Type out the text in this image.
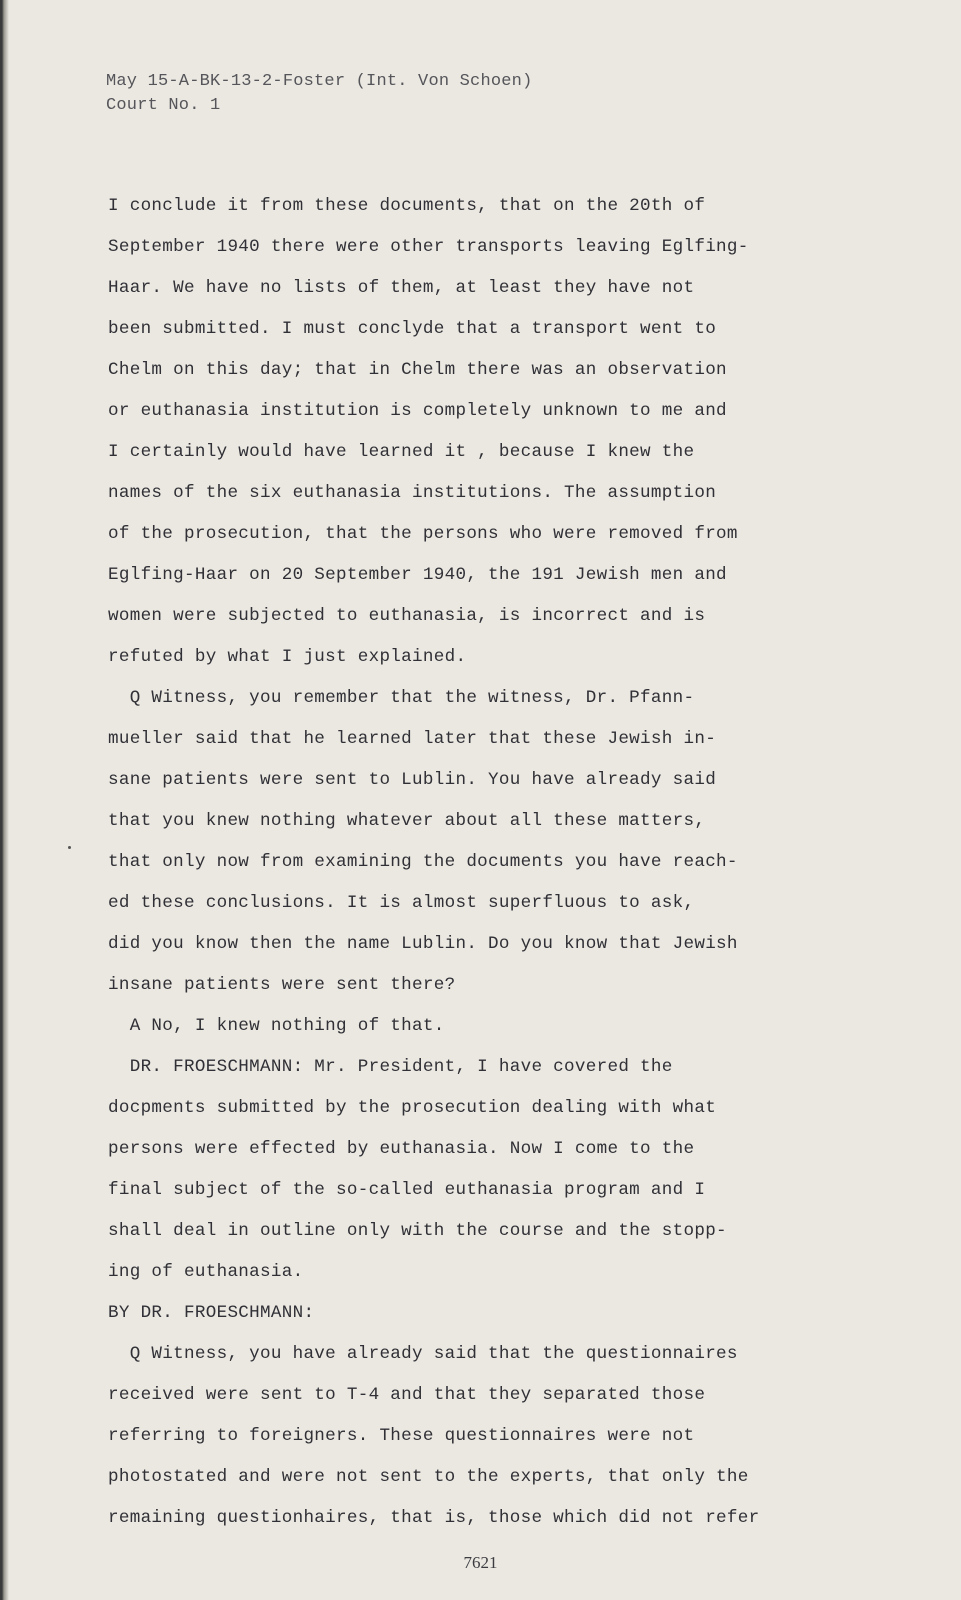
May 15-A-BK-13-2-Foster (Int. Von Schoen)
Court No. 1
I conclude it from these documents, that on the 20th of
September 1940 there were other transports leaving Eglfing-
Haar. We have no lists of them, at least they have not
been submitted. I must conclyde that a transport went to
Chelm on this day; that in Chelm there was an observation
or euthanasia institution is completely unknown to me and
I certainly would have learned it , because I knew the
names of the six euthanasia institutions. The assumption
of the prosecution, that the persons who were removed from
Eglfing-Haar on 20 September 1940, the 191 Jewish men and
women were subjected to euthanasia, is incorrect and is
refuted by what I just explained.
Q Witness, you remember that the witness, Dr. Pfann-
mueller said that he learned later that these Jewish in-
sane patients were sent to Lublin. You have already said
that you knew nothing whatever about all these matters,
that only now from examining the documents you have reach-
ed these conclusions. It is almost superfluous to ask,
did you know then the name Lublin. Do you know that Jewish
insane patients were sent there?
A No, I knew nothing of that.
DR. FROESCHMANN: Mr. President, I have covered the
docpments submitted by the prosecution dealing with what
persons were effected by euthanasia. Now I come to the
final subject of the so-called euthanasia program and I
shall deal in outline only with the course and the stopp-
ing of euthanasia.
BY DR. FROESCHMANN:
Q Witness, you have already said that the questionnaires
received were sent to T-4 and that they separated those
referring to foreigners. These questionnaires were not
photostated and were not sent to the experts, that only the
remaining questionhaires, that is, those which did not refer
7621
